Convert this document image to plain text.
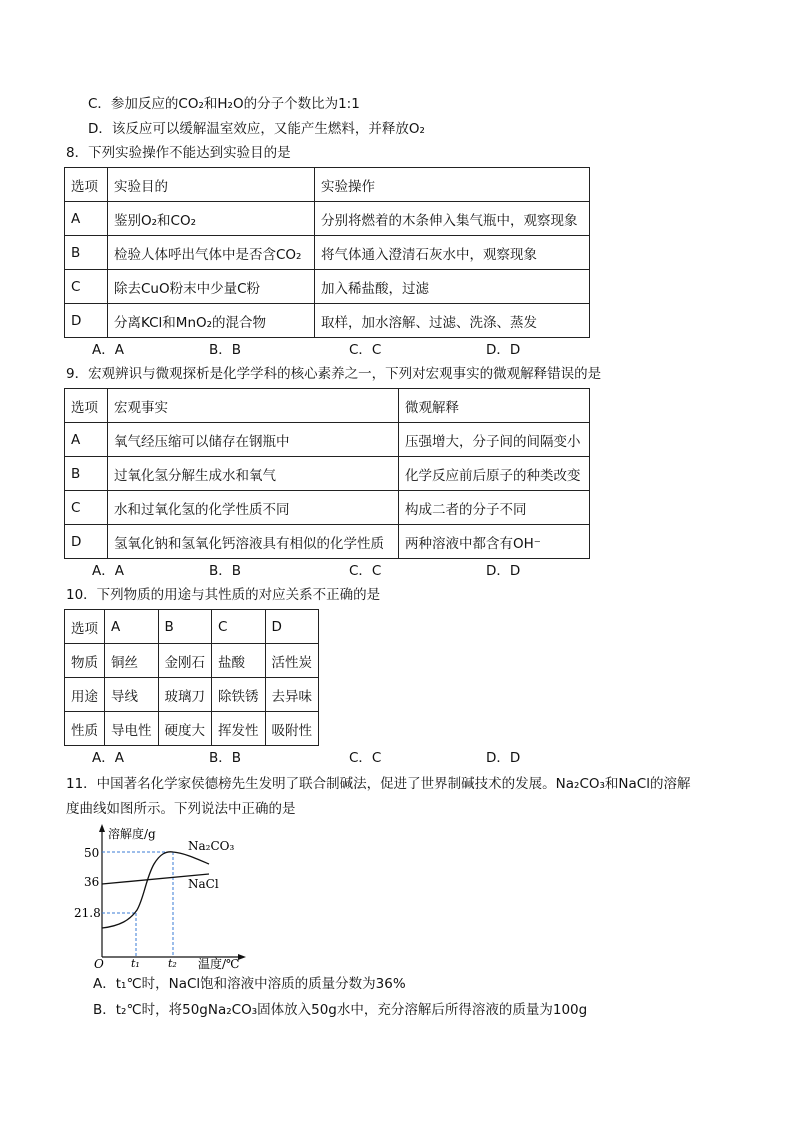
C．参加反应的CO₂和H₂O的分子个数比为1:1
D．该反应可以缓解温室效应，又能产生燃料，并释放O₂
8．下列实验操作不能达到实验目的是
选项	实验目的	实验操作
A	鉴别O₂和CO₂	分别将燃着的木条伸入集气瓶中，观察现象
B	检验人体呼出气体中是否含CO₂	将气体通入澄清石灰水中，观察现象
C	除去CuO粉末中少量C粉	加入稀盐酸，过滤
D	分离KCl和MnO₂的混合物	取样，加水溶解、过滤、洗涤、蒸发
A．A	B．B	C．C	D．D
9．宏观辨识与微观探析是化学学科的核心素养之一，下列对宏观事实的微观解释错误的是
选项	宏观事实	微观解释
A	氧气经压缩可以储存在钢瓶中	压强增大，分子间的间隔变小
B	过氧化氢分解生成水和氧气	化学反应前后原子的种类改变
C	水和过氧化氢的化学性质不同	构成二者的分子不同
D	氢氧化钠和氢氧化钙溶液具有相似的化学性质	两种溶液中都含有OH⁻
A．A	B．B	C．C	D．D
10．下列物质的用途与其性质的对应关系不正确的是
选项	A	B	C	D
物质	铜丝	金刚石	盐酸	活性炭
用途	导线	玻璃刀	除铁锈	去异味
性质	导电性	硬度大	挥发性	吸附性
A．A	B．B	C．C	D．D
11．中国著名化学家侯德榜先生发明了联合制碱法，促进了世界制碱技术的发展。Na₂CO₃和NaCl的溶解
度曲线如图所示。下列说法中正确的是
溶解度/g
温度/℃
O
50
36
21.8
t₁	t₂
Na₂CO₃
NaCl
A．t₁℃时，NaCl饱和溶液中溶质的质量分数为36%
B．t₂℃时，将50gNa₂CO₃固体放入50g水中，充分溶解后所得溶液的质量为100g
